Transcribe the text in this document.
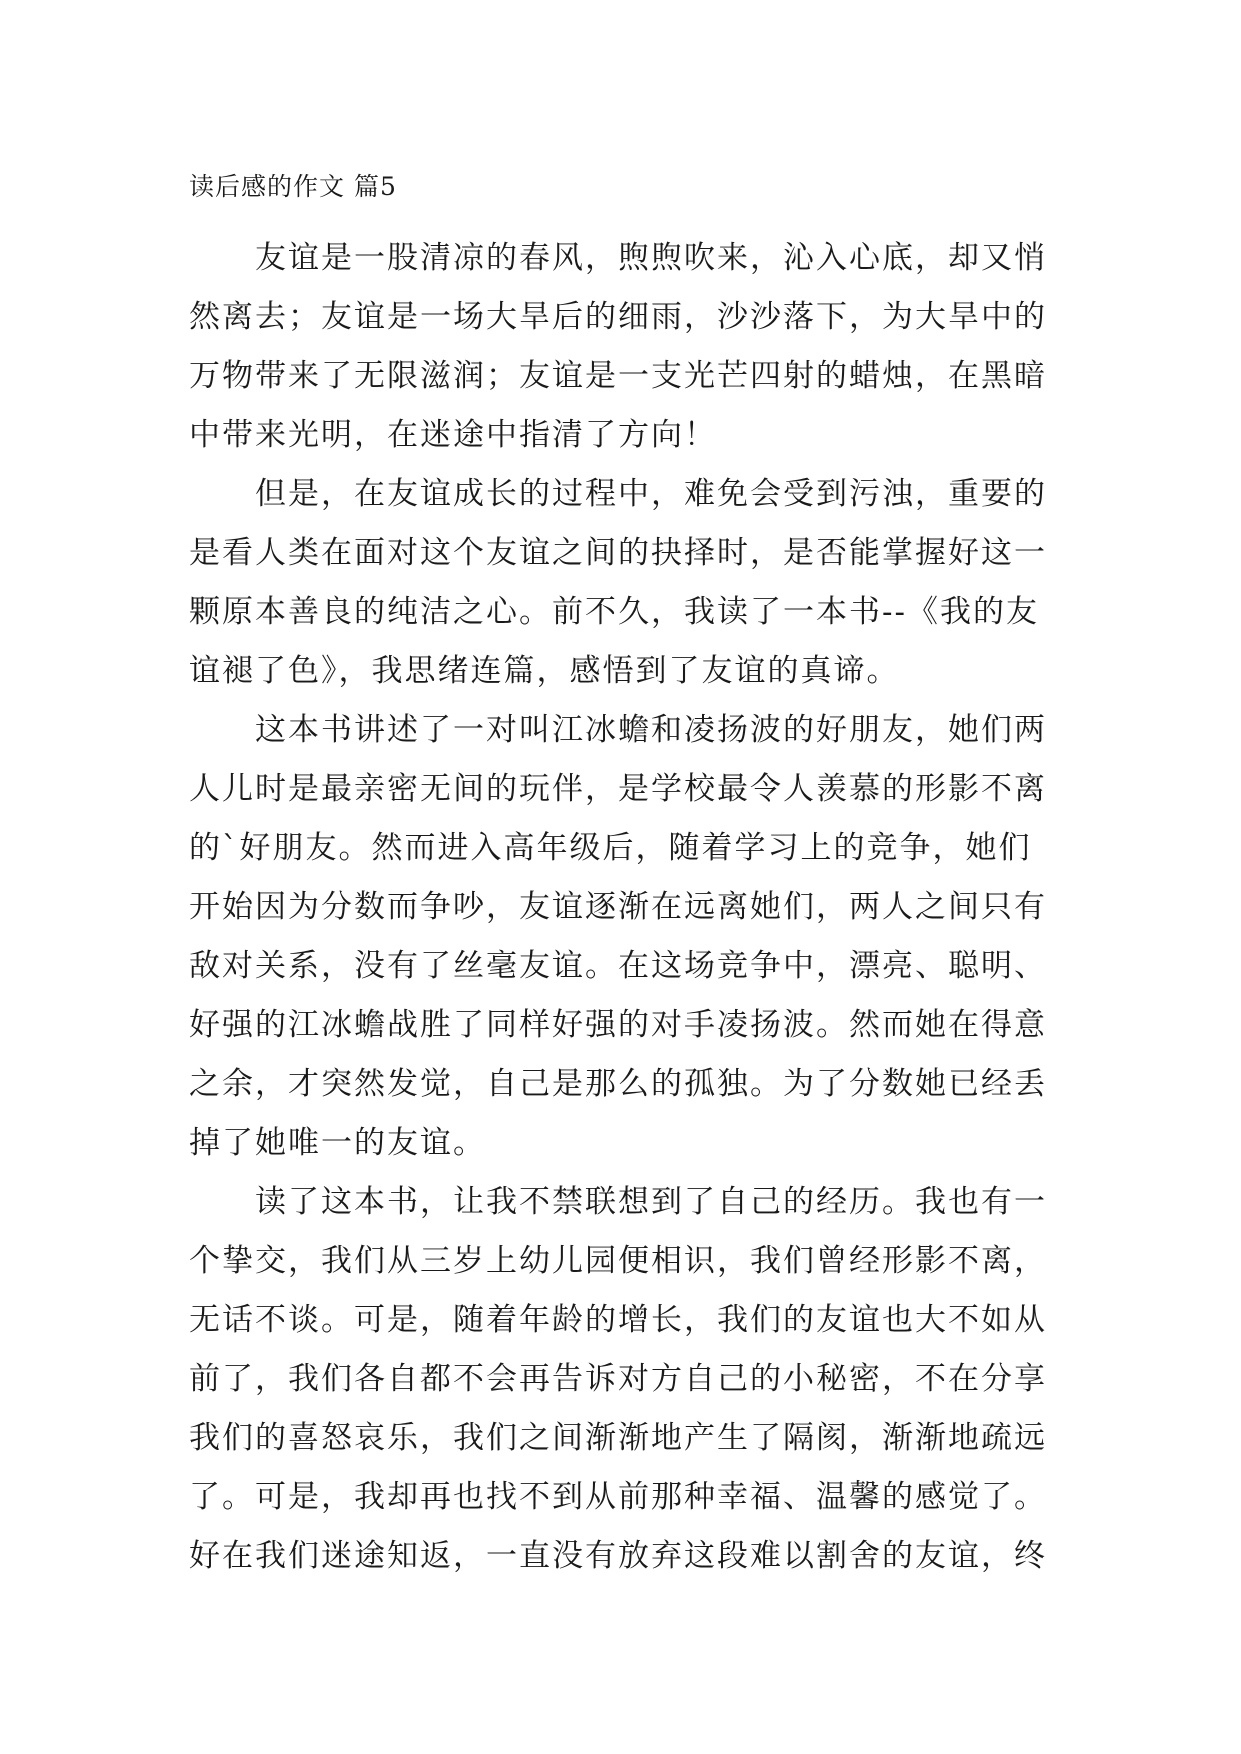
读后感的作文 篇5
友谊是一股清凉的春风，煦煦吹来，沁入心底，却又悄
然离去；友谊是一场大旱后的细雨，沙沙落下，为大旱中的
万物带来了无限滋润；友谊是一支光芒四射的蜡烛，在黑暗
中带来光明，在迷途中指清了方向！
但是，在友谊成长的过程中，难免会受到污浊，重要的
是看人类在面对这个友谊之间的抉择时，是否能掌握好这一
颗原本善良的纯洁之心。前不久，我读了一本书--《我的友
谊褪了色》，我思绪连篇，感悟到了友谊的真谛。
这本书讲述了一对叫江冰蟾和凌扬波的好朋友，她们两
人儿时是最亲密无间的玩伴，是学校最令人羡慕的形影不离
的`好朋友。然而进入高年级后，随着学习上的竞争，她们
开始因为分数而争吵，友谊逐渐在远离她们，两人之间只有
敌对关系，没有了丝毫友谊。在这场竞争中，漂亮、聪明、
好强的江冰蟾战胜了同样好强的对手凌扬波。然而她在得意
之余，才突然发觉，自己是那么的孤独。为了分数她已经丢
掉了她唯一的友谊。
读了这本书，让我不禁联想到了自己的经历。我也有一
个挚交，我们从三岁上幼儿园便相识，我们曾经形影不离，
无话不谈。可是，随着年龄的增长，我们的友谊也大不如从
前了，我们各自都不会再告诉对方自己的小秘密，不在分享
我们的喜怒哀乐，我们之间渐渐地产生了隔阂，渐渐地疏远
了。可是，我却再也找不到从前那种幸福、温馨的感觉了。
好在我们迷途知返，一直没有放弃这段难以割舍的友谊，终
